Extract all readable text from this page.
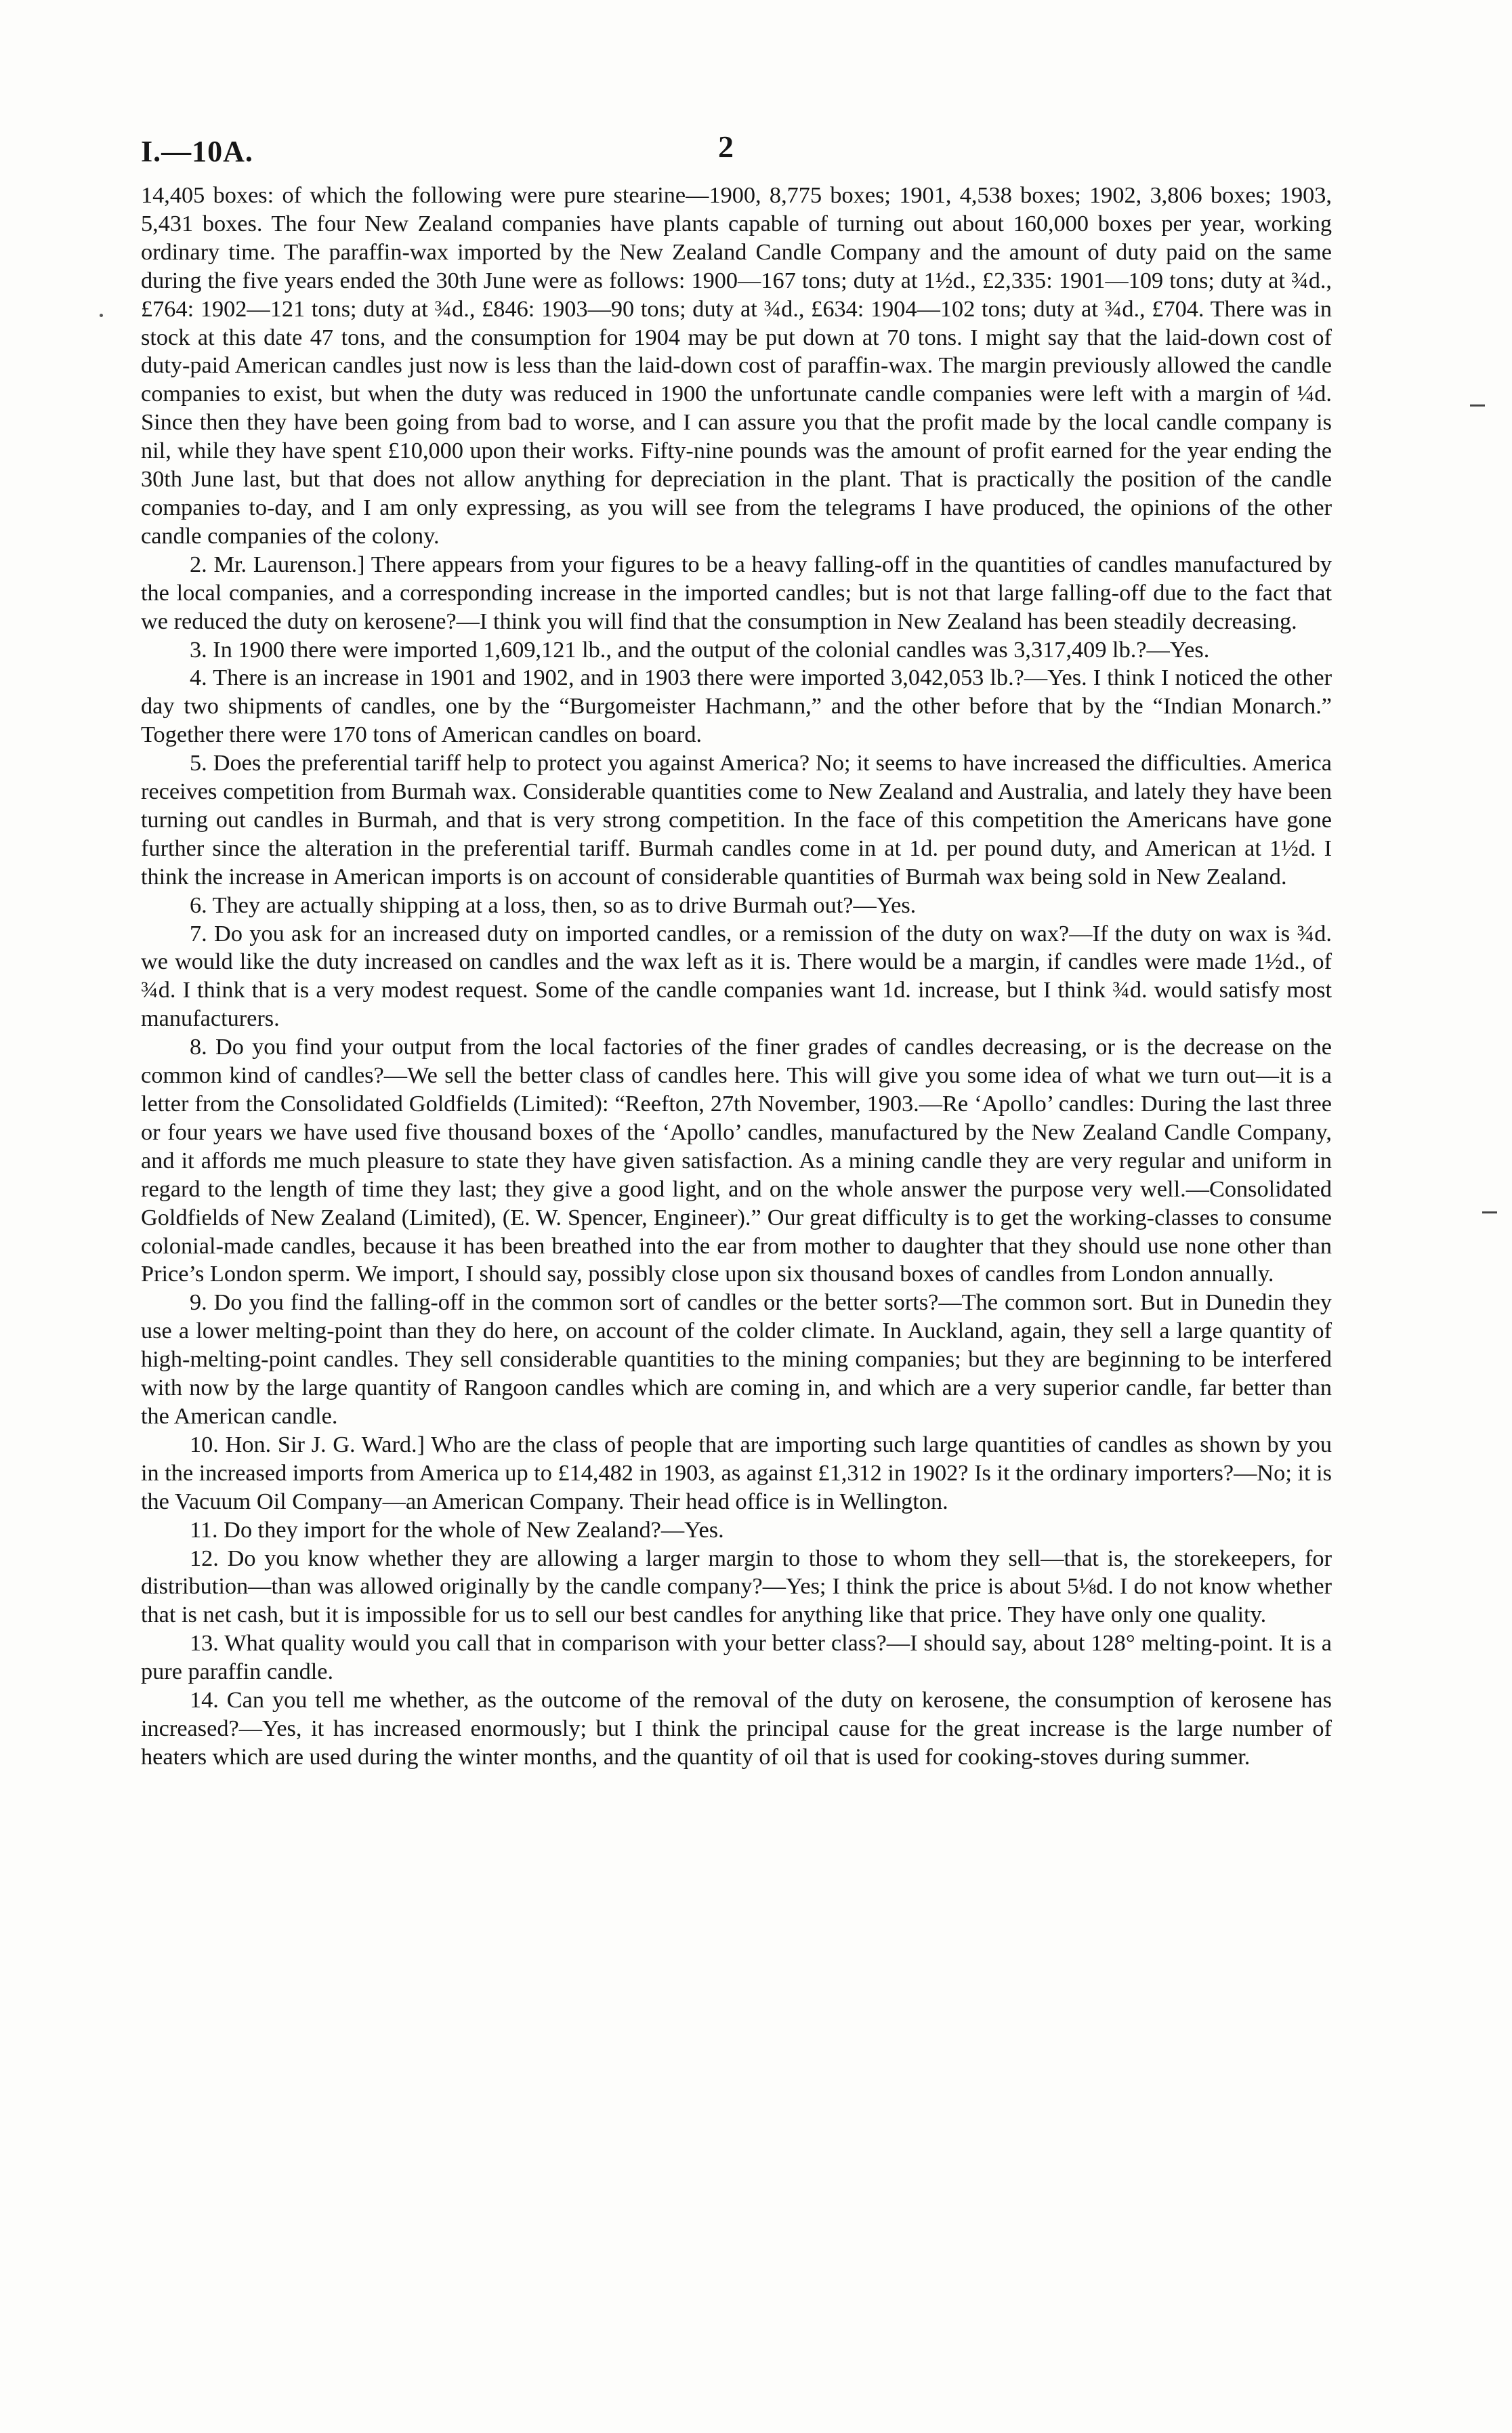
I.—10A.	2

14,405 boxes: of which the following were pure stearine—1900, 8,775 boxes; 1901, 4,538 boxes; 1902, 3,806 boxes; 1903, 5,431 boxes. The four New Zealand companies have plants capable of turning out about 160,000 boxes per year, working ordinary time. The paraffin-wax imported by the New Zealand Candle Company and the amount of duty paid on the same during the five years ended the 30th June were as follows: 1900—167 tons; duty at 1½d., £2,335: 1901—109 tons; duty at ¾d., £764: 1902—121 tons; duty at ¾d., £846: 1903—90 tons; duty at ¾d., £634: 1904—102 tons; duty at ¾d., £704. There was in stock at this date 47 tons, and the consumption for 1904 may be put down at 70 tons. I might say that the laid-down cost of duty-paid American candles just now is less than the laid-down cost of paraffin-wax. The margin previously allowed the candle companies to exist, but when the duty was reduced in 1900 the unfortunate candle companies were left with a margin of ¼d. Since then they have been going from bad to worse, and I can assure you that the profit made by the local candle company is nil, while they have spent £10,000 upon their works. Fifty-nine pounds was the amount of profit earned for the year ending the 30th June last, but that does not allow anything for depreciation in the plant. That is practically the position of the candle companies to-day, and I am only expressing, as you will see from the telegrams I have produced, the opinions of the other candle companies of the colony.

2. Mr. Laurenson.] There appears from your figures to be a heavy falling-off in the quantities of candles manufactured by the local companies, and a corresponding increase in the imported candles; but is not that large falling-off due to the fact that we reduced the duty on kerosene?—I think you will find that the consumption in New Zealand has been steadily decreasing.

3. In 1900 there were imported 1,609,121 lb., and the output of the colonial candles was 3,317,409 lb.?—Yes.

4. There is an increase in 1901 and 1902, and in 1903 there were imported 3,042,053 lb.?—Yes. I think I noticed the other day two shipments of candles, one by the “Burgomeister Hachmann,” and the other before that by the “Indian Monarch.” Together there were 170 tons of American candles on board.

5. Does the preferential tariff help to protect you against America? No; it seems to have increased the difficulties. America receives competition from Burmah wax. Considerable quantities come to New Zealand and Australia, and lately they have been turning out candles in Burmah, and that is very strong competition. In the face of this competition the Americans have gone further since the alteration in the preferential tariff. Burmah candles come in at 1d. per pound duty, and American at 1½d. I think the increase in American imports is on account of considerable quantities of Burmah wax being sold in New Zealand.

6. They are actually shipping at a loss, then, so as to drive Burmah out?—Yes.

7. Do you ask for an increased duty on imported candles, or a remission of the duty on wax?—If the duty on wax is ¾d. we would like the duty increased on candles and the wax left as it is. There would be a margin, if candles were made 1½d., of ¾d. I think that is a very modest request. Some of the candle companies want 1d. increase, but I think ¾d. would satisfy most manufacturers.

8. Do you find your output from the local factories of the finer grades of candles decreasing, or is the decrease on the common kind of candles?—We sell the better class of candles here. This will give you some idea of what we turn out—it is a letter from the Consolidated Goldfields (Limited): “Reefton, 27th November, 1903.—Re ‘Apollo’ candles: During the last three or four years we have used five thousand boxes of the ‘Apollo’ candles, manufactured by the New Zealand Candle Company, and it affords me much pleasure to state they have given satisfaction. As a mining candle they are very regular and uniform in regard to the length of time they last; they give a good light, and on the whole answer the purpose very well.—Consolidated Goldfields of New Zealand (Limited), (E. W. Spencer, Engineer).” Our great difficulty is to get the working-classes to consume colonial-made candles, because it has been breathed into the ear from mother to daughter that they should use none other than Price’s London sperm. We import, I should say, possibly close upon six thousand boxes of candles from London annually.

9. Do you find the falling-off in the common sort of candles or the better sorts?—The common sort. But in Dunedin they use a lower melting-point than they do here, on account of the colder climate. In Auckland, again, they sell a large quantity of high-melting-point candles. They sell considerable quantities to the mining companies; but they are beginning to be interfered with now by the large quantity of Rangoon candles which are coming in, and which are a very superior candle, far better than the American candle.

10. Hon. Sir J. G. Ward.] Who are the class of people that are importing such large quantities of candles as shown by you in the increased imports from America up to £14,482 in 1903, as against £1,312 in 1902? Is it the ordinary importers?—No; it is the Vacuum Oil Company—an American Company. Their head office is in Wellington.

11. Do they import for the whole of New Zealand?—Yes.

12. Do you know whether they are allowing a larger margin to those to whom they sell—that is, the storekeepers, for distribution—than was allowed originally by the candle company?—Yes; I think the price is about 5⅛d. I do not know whether that is net cash, but it is impossible for us to sell our best candles for anything like that price. They have only one quality.

13. What quality would you call that in comparison with your better class?—I should say, about 128° melting-point. It is a pure paraffin candle.

14. Can you tell me whether, as the outcome of the removal of the duty on kerosene, the consumption of kerosene has increased?—Yes, it has increased enormously; but I think the principal cause for the great increase is the large number of heaters which are used during the winter months, and the quantity of oil that is used for cooking-stoves during summer.
